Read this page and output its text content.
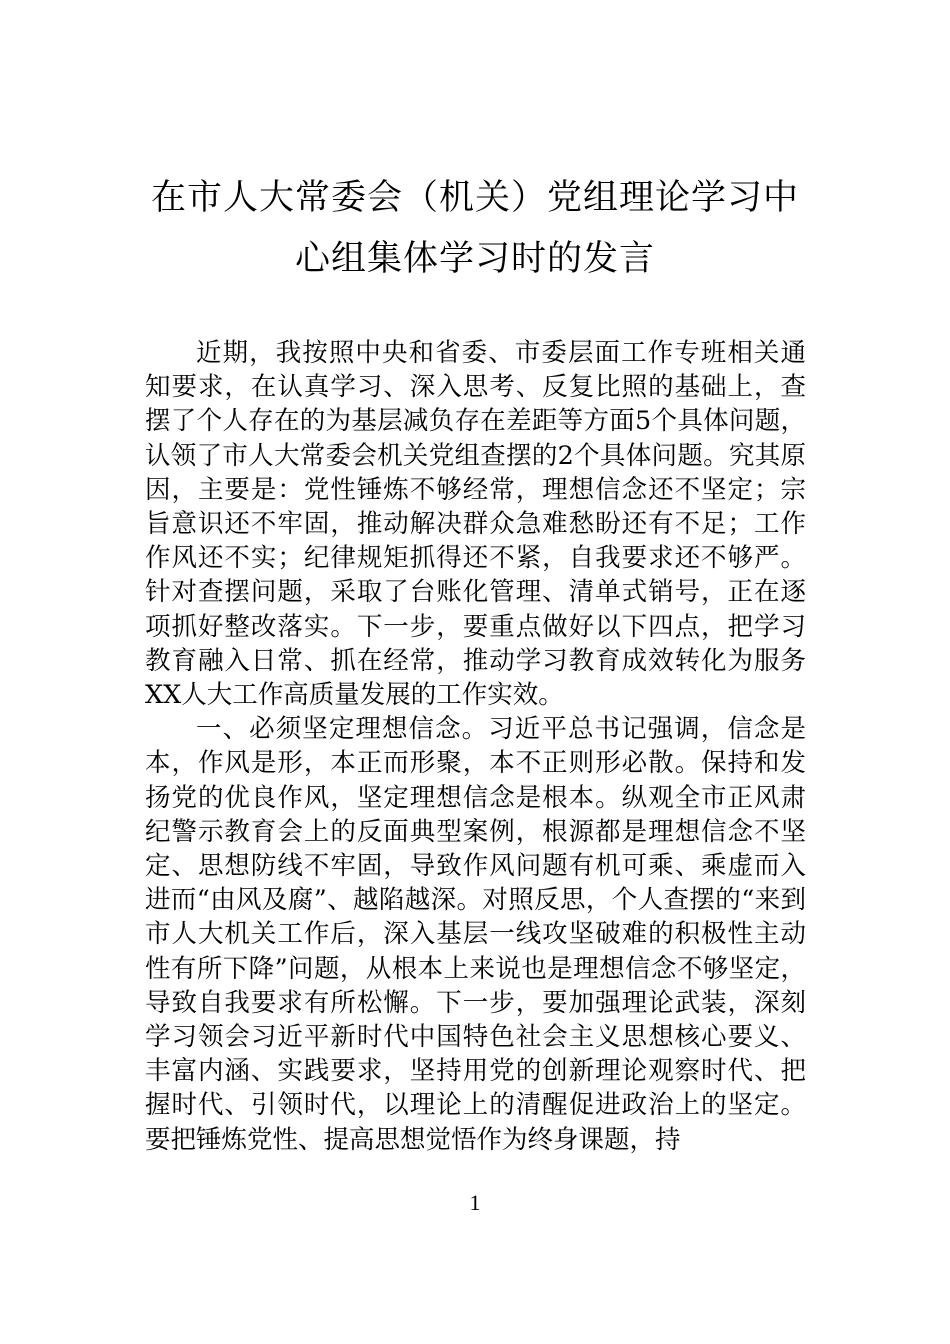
在市人大常委会（机关）党组理论学习中
心组集体学习时的发言

近期，我按照中央和省委、市委层面工作专班相关通知要求，在认真学习、深入思考、反复比照的基础上，查摆了个人存在的为基层减负存在差距等方面5个具体问题，认领了市人大常委会机关党组查摆的2个具体问题。究其原因，主要是：党性锤炼不够经常，理想信念还不坚定；宗旨意识还不牢固，推动解决群众急难愁盼还有不足；工作作风还不实；纪律规矩抓得还不紧，自我要求还不够严。针对查摆问题，采取了台账化管理、清单式销号，正在逐项抓好整改落实。下一步，要重点做好以下四点，把学习教育融入日常、抓在经常，推动学习教育成效转化为服务XX人大工作高质量发展的工作实效。

一、必须坚定理想信念。习近平总书记强调，信念是本，作风是形，本正而形聚，本不正则形必散。保持和发扬党的优良作风，坚定理想信念是根本。纵观全市正风肃纪警示教育会上的反面典型案例，根源都是理想信念不坚定、思想防线不牢固，导致作风问题有机可乘、乘虚而入进而“由风及腐”、越陷越深。对照反思，个人查摆的“来到市人大机关工作后，深入基层一线攻坚破难的积极性主动性有所下降”问题，从根本上来说也是理想信念不够坚定，导致自我要求有所松懈。下一步，要加强理论武装，深刻学习领会习近平新时代中国特色社会主义思想核心要义、丰富内涵、实践要求，坚持用党的创新理论观察时代、把握时代、引领时代，以理论上的清醒促进政治上的坚定。要把锤炼党性、提高思想觉悟作为终身课题，持

1
